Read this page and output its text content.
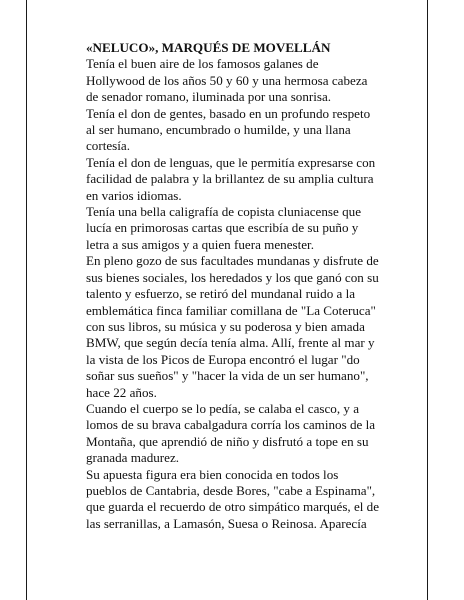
«NELUCO», MARQUÉS DE MOVELLÁN

Tenía el buen aire de los famosos galanes de
Hollywood de los años 50 y 60 y una hermosa cabeza
de senador romano, iluminada por una sonrisa.

Tenía el don de gentes, basado en un profundo respeto
al ser humano, encumbrado o humilde, y una llana
cortesía.

Tenía el don de lenguas, que le permitía expresarse con
facilidad de palabra y la brillantez de su amplia cultura
en varios idiomas.

Tenía una bella caligrafía de copista cluniacense que
lucía en primorosas cartas que escribía de su puño y
letra a sus amigos y a quien fuera menester.

En pleno gozo de sus facultades mundanas y disfrute de
sus bienes sociales, los heredados y los que ganó con su
talento y esfuerzo, se retiró del mundanal ruido a la
emblemática finca familiar comillana de "La Coteruca"
con sus libros, su música y su poderosa y bien amada
BMW, que según decía tenía alma. Allí, frente al mar y
la vista de los Picos de Europa encontró el lugar "do
soñar sus sueños" y "hacer la vida de un ser humano",
hace 22 años.

Cuando el cuerpo se lo pedía, se calaba el casco, y a
lomos de su brava cabalgadura corría los caminos de la
Montaña, que aprendió de niño y disfrutó a tope en su
granada madurez.

Su apuesta figura era bien conocida en todos los
pueblos de Cantabria, desde Bores, "cabe a Espinama",
que guarda el recuerdo de otro simpático marqués, el de
las serranillas, a Lamasón, Suesa o Reinosa. Aparecía
